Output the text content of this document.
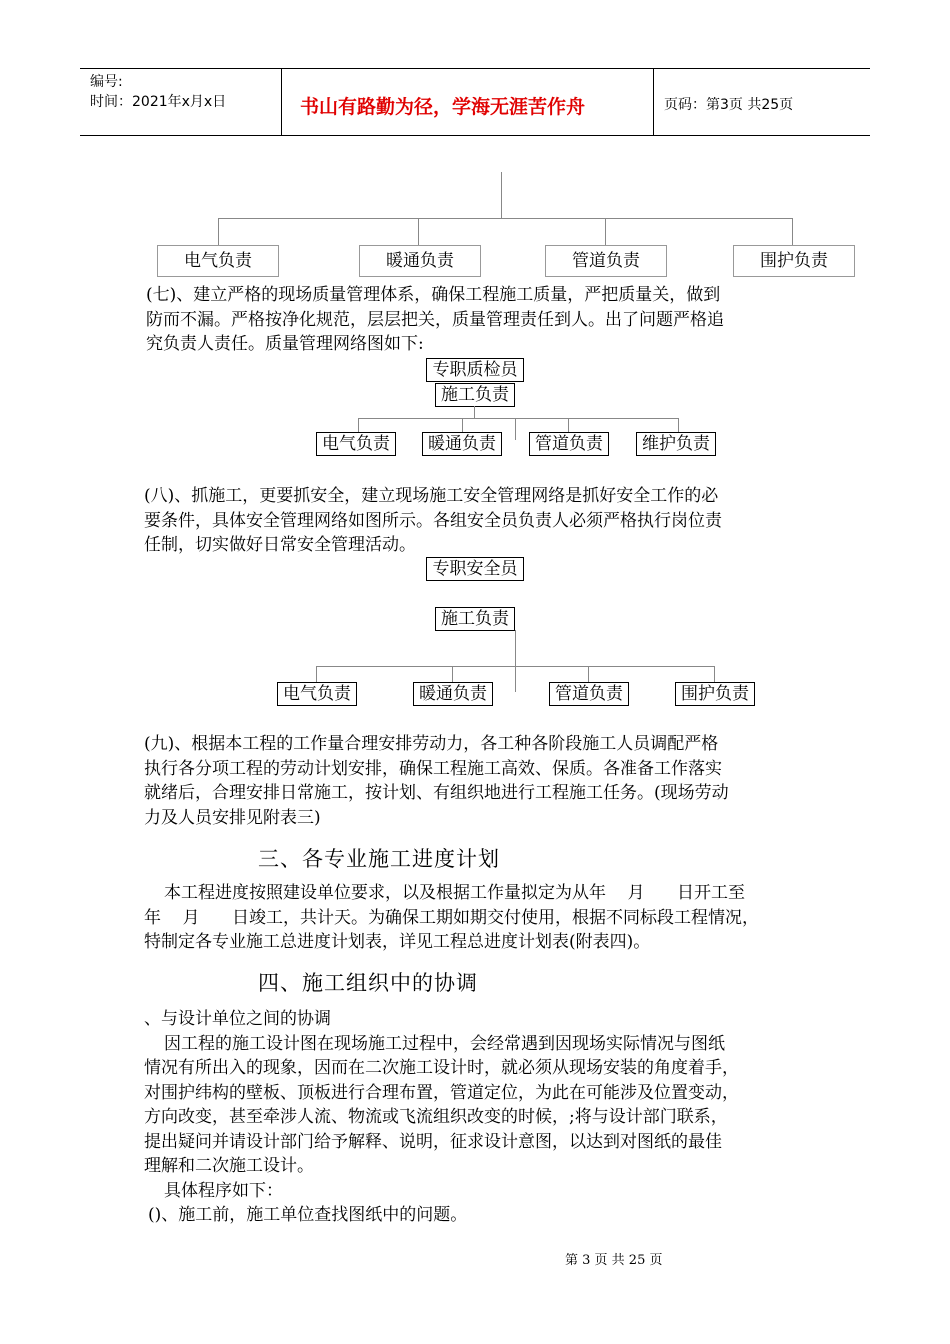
编号:
时间：2021年x月x日	书山有路勤为径，学海无涯苦作舟	页码：第3页 共25页
电气负责	暖通负责	管道负责	围护负责
(七)、建立严格的现场质量管理体系，确保工程施工质量，严把质量关，做到
防而不漏。严格按净化规范，层层把关，质量管理责任到人。出了问题严格追
究负责人责任。质量管理网络图如下:
专职质检员
施工负责
电气负责	暖通负责	管道负责	维护负责
(八)、抓施工，更要抓安全，建立现场施工安全管理网络是抓好安全工作的必
要条件，具体安全管理网络如图所示。各组安全员负责人必须严格执行岗位责
任制，切实做好日常安全管理活动。
专职安全员
施工负责
电气负责	暖通负责	管道负责	围护负责
(九)、根据本工程的工作量合理安排劳动力，各工种各阶段施工人员调配严格
执行各分项工程的劳动计划安排，确保工程施工高效、保质。各准备工作落实
就绪后，合理安排日常施工，按计划、有组织地进行工程施工任务。(现场劳动
力及人员安排见附表三)
三、各专业施工进度计划
本工程进度按照建设单位要求，以及根据工作量拟定为从年    月      日开工至
年    月      日竣工，共计天。为确保工期如期交付使用，根据不同标段工程情况，
特制定各专业施工总进度计划表，详见工程总进度计划表(附表四)。
四、施工组织中的协调
、与设计单位之间的协调
因工程的施工设计图在现场施工过程中，会经常遇到因现场实际情况与图纸
情况有所出入的现象，因而在二次施工设计时，就必须从现场安装的角度着手，
对围护纬构的壁板、顶板进行合理布置，管道定位，为此在可能涉及位置变动，
方向改变，甚至牵涉人流、物流或飞流组织改变的时候，;将与设计部门联系，
提出疑问并请设计部门给予解释、说明，征求设计意图，以达到对图纸的最佳
理解和二次施工设计。
具体程序如下：
()、施工前，施工单位查找图纸中的问题。
第 3 页 共 25 页
